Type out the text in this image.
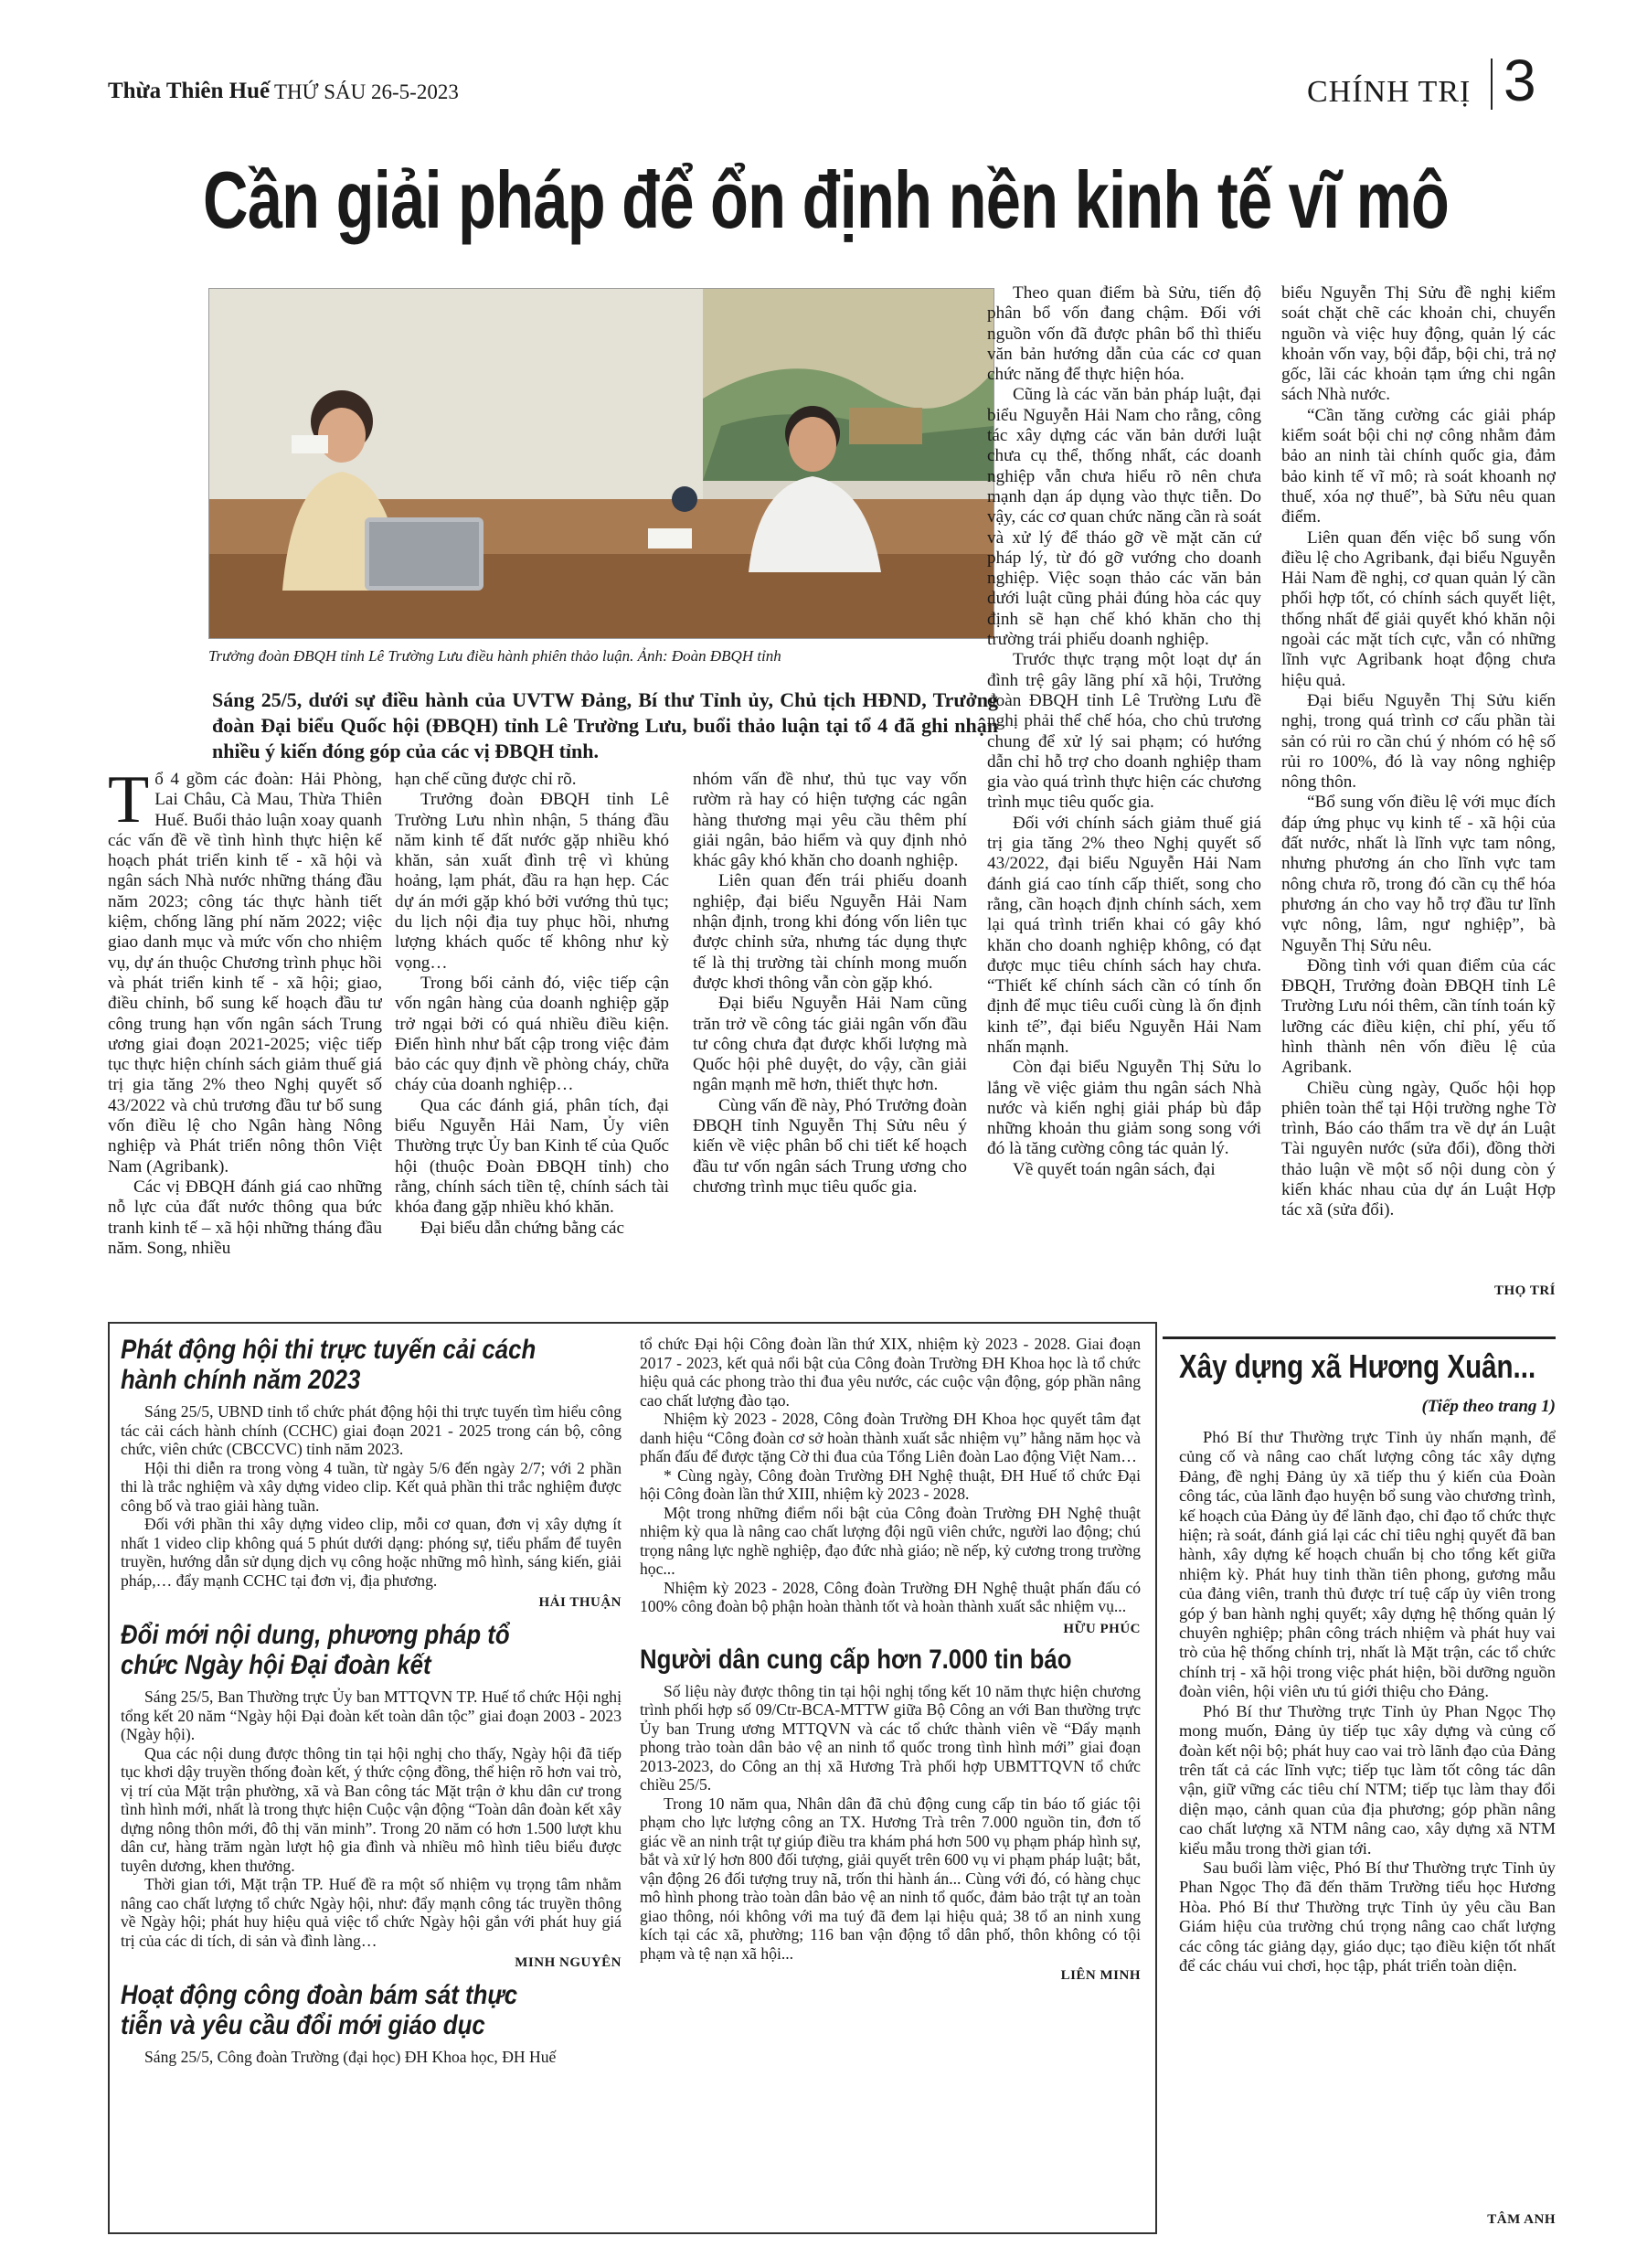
Thừa Thiên Huế THỨ SÁU 26-5-2023	CHÍNH TRỊ 3
Cần giải pháp để ổn định nền kinh tế vĩ mô
Trưởng đoàn ĐBQH tỉnh Lê Trường Lưu điều hành phiên thảo luận. Ảnh: Đoàn ĐBQH tỉnh
Sáng 25/5, dưới sự điều hành của UVTW Đảng, Bí thư Tỉnh ủy, Chủ tịch HĐND, Trưởng đoàn Đại biểu Quốc hội (ĐBQH) tỉnh Lê Trường Lưu, buổi thảo luận tại tổ 4 đã ghi nhận nhiều ý kiến đóng góp của các vị ĐBQH tỉnh.

Tổ 4 gồm các đoàn: Hải Phòng, Lai Châu, Cà Mau, Thừa Thiên Huế. Buổi thảo luận xoay quanh các vấn đề về tình hình thực hiện kế hoạch phát triển kinh tế - xã hội và ngân sách Nhà nước những tháng đầu năm 2023; công tác thực hành tiết kiệm, chống lãng phí năm 2022; việc giao danh mục và mức vốn cho nhiệm vụ, dự án thuộc Chương trình phục hồi và phát triển kinh tế - xã hội; giao, điều chỉnh, bổ sung kế hoạch đầu tư công trung hạn vốn ngân sách Trung ương giai đoạn 2021-2025; việc tiếp tục thực hiện chính sách giảm thuế giá trị gia tăng 2% theo Nghị quyết số 43/2022 và chủ trương đầu tư bổ sung vốn điều lệ cho Ngân hàng Nông nghiệp và Phát triển nông thôn Việt Nam (Agribank).

Các vị ĐBQH đánh giá cao những nỗ lực của đất nước thông qua bức tranh kinh tế – xã hội những tháng đầu năm. Song, nhiều

hạn chế cũng được chỉ rõ.

Trưởng đoàn ĐBQH tỉnh Lê Trường Lưu nhìn nhận, 5 tháng đầu năm kinh tế đất nước gặp nhiều khó khăn, sản xuất đình trệ vì khủng hoảng, lạm phát, đầu ra hạn hẹp. Các dự án mới gặp khó bởi vướng thủ tục; du lịch nội địa tuy phục hồi, nhưng lượng khách quốc tế không như kỳ vọng…

Trong bối cảnh đó, việc tiếp cận vốn ngân hàng của doanh nghiệp gặp trở ngại bởi có quá nhiều điều kiện. Điển hình như bất cập trong việc đảm bảo các quy định về phòng cháy, chữa cháy của doanh nghiệp…

Qua các đánh giá, phân tích, đại biểu Nguyễn Hải Nam, Ủy viên Thường trực Ủy ban Kinh tế của Quốc hội (thuộc Đoàn ĐBQH tỉnh) cho rằng, chính sách tiền tệ, chính sách tài khóa đang gặp nhiều khó khăn.

Đại biểu dẫn chứng bằng các

nhóm vấn đề như, thủ tục vay vốn rườm rà hay có hiện tượng các ngân hàng thương mại yêu cầu thêm phí giải ngân, bảo hiểm và quy định nhỏ khác gây khó khăn cho doanh nghiệp.

Liên quan đến trái phiếu doanh nghiệp, đại biểu Nguyễn Hải Nam nhận định, trong khi đóng vốn liên tục được chỉnh sửa, nhưng tác dụng thực tế là thị trường tài chính mong muốn được khơi thông vẫn còn gặp khó.

Đại biểu Nguyễn Hải Nam cũng trăn trở về công tác giải ngân vốn đầu tư công chưa đạt được khối lượng mà Quốc hội phê duyệt, do vậy, cần giải ngân mạnh mẽ hơn, thiết thực hơn.

Cùng vấn đề này, Phó Trưởng đoàn ĐBQH tỉnh Nguyễn Thị Sửu nêu ý kiến về việc phân bổ chi tiết kế hoạch đầu tư vốn ngân sách Trung ương cho chương trình mục tiêu quốc gia.

Theo quan điểm bà Sửu, tiến độ phân bổ vốn đang chậm. Đối với nguồn vốn đã được phân bổ thì thiếu văn bản hướng dẫn của các cơ quan chức năng để thực hiện hóa.

Cũng là các văn bản pháp luật, đại biểu Nguyễn Hải Nam cho rằng, công tác xây dựng các văn bản dưới luật chưa cụ thể, thống nhất, các doanh nghiệp vẫn chưa hiểu rõ nên chưa mạnh dạn áp dụng vào thực tiễn. Do vậy, các cơ quan chức năng cần rà soát và xử lý để tháo gỡ về mặt căn cứ pháp lý, từ đó gỡ vướng cho doanh nghiệp. Việc soạn thảo các văn bản dưới luật cũng phải đúng hòa các quy định sẽ hạn chế khó khăn cho thị trường trái phiếu doanh nghiệp.

Trước thực trạng một loạt dự án đình trệ gây lãng phí xã hội, Trưởng đoàn ĐBQH tỉnh Lê Trường Lưu đề nghị phải thể chế hóa, cho chủ trương chung để xử lý sai phạm; có hướng dẫn chỉ hỗ trợ cho doanh nghiệp tham gia vào quá trình thực hiện các chương trình mục tiêu quốc gia.

Đối với chính sách giảm thuế giá trị gia tăng 2% theo Nghị quyết số 43/2022, đại biểu Nguyễn Hải Nam đánh giá cao tính cấp thiết, song cho rằng, cần hoạch định chính sách, xem lại quá trình triển khai có gây khó khăn cho doanh nghiệp không, có đạt được mục tiêu chính sách hay chưa. “Thiết kế chính sách cần có tính ổn định để mục tiêu cuối cùng là ổn định kinh tế”, đại biểu Nguyễn Hải Nam nhấn mạnh.

Còn đại biểu Nguyễn Thị Sửu lo lắng về việc giảm thu ngân sách Nhà nước và kiến nghị giải pháp bù đắp những khoản thu giảm song song với đó là tăng cường công tác quản lý.

Về quyết toán ngân sách, đại

biểu Nguyễn Thị Sửu đề nghị kiểm soát chặt chẽ các khoản chi, chuyển nguồn và việc huy động, quản lý các khoản vốn vay, bội đắp, bội chi, trả nợ gốc, lãi các khoản tạm ứng chi ngân sách Nhà nước.

“Cần tăng cường các giải pháp kiểm soát bội chi nợ công nhằm đảm bảo an ninh tài chính quốc gia, đảm bảo kinh tế vĩ mô; rà soát khoanh nợ thuế, xóa nợ thuế”, bà Sửu nêu quan điểm.

Liên quan đến việc bổ sung vốn điều lệ cho Agribank, đại biểu Nguyễn Hải Nam đề nghị, cơ quan quản lý cần phối hợp tốt, có chính sách quyết liệt, thống nhất để giải quyết khó khăn nội ngoài các mặt tích cực, vẫn có những lĩnh vực Agribank hoạt động chưa hiệu quả.

Đại biểu Nguyễn Thị Sửu kiến nghị, trong quá trình cơ cấu phần tài sản có rủi ro cần chú ý nhóm có hệ số rủi ro 100%, đó là vay nông nghiệp nông thôn.

“Bổ sung vốn điều lệ với mục đích đáp ứng phục vụ kinh tế - xã hội của đất nước, nhất là lĩnh vực tam nông, nhưng phương án cho lĩnh vực tam nông chưa rõ, trong đó cần cụ thể hóa phương án cho vay hỗ trợ đầu tư lĩnh vực nông, lâm, ngư nghiệp”, bà Nguyễn Thị Sửu nêu.

Đồng tình với quan điểm của các ĐBQH, Trưởng đoàn ĐBQH tỉnh Lê Trường Lưu nói thêm, cần tính toán kỹ lưỡng các điều kiện, chỉ phí, yếu tố hình thành nên vốn điều lệ của Agribank.

Chiều cùng ngày, Quốc hội họp phiên toàn thể tại Hội trường nghe Tờ trình, Báo cáo thẩm tra về dự án Luật Tài nguyên nước (sửa đổi), đồng thời thảo luận về một số nội dung còn ý kiến khác nhau của dự án Luật Hợp tác xã (sửa đổi).

THỌ TRÍ
Phát động hội thi trực tuyến cải cách hành chính năm 2023

Sáng 25/5, UBND tỉnh tổ chức phát động hội thi trực tuyến tìm hiểu công tác cải cách hành chính (CCHC) giai đoạn 2021 - 2025 trong cán bộ, công chức, viên chức (CBCCVC) tỉnh năm 2023.

Hội thi diễn ra trong vòng 4 tuần, từ ngày 5/6 đến ngày 2/7; với 2 phần thi là trắc nghiệm và xây dựng video clip. Kết quả phần thi trắc nghiệm được công bố và trao giải hàng tuần.

Đối với phần thi xây dựng video clip, mỗi cơ quan, đơn vị xây dựng ít nhất 1 video clip không quá 5 phút dưới dạng: phóng sự, tiểu phẩm để tuyên truyền, hướng dẫn sử dụng dịch vụ công hoặc những mô hình, sáng kiến, giải pháp,… đẩy mạnh CCHC tại đơn vị, địa phương.

HẢI THUẬN
Đổi mới nội dung, phương pháp tổ chức Ngày hội Đại đoàn kết

Sáng 25/5, Ban Thường trực Ủy ban MTTQVN TP. Huế tổ chức Hội nghị tổng kết 20 năm “Ngày hội Đại đoàn kết toàn dân tộc” giai đoạn 2003 - 2023 (Ngày hội).

Qua các nội dung được thông tin tại hội nghị cho thấy, Ngày hội đã tiếp tục khơi dậy truyền thống đoàn kết, ý thức cộng đồng, thể hiện rõ hơn vai trò, vị trí của Mặt trận phường, xã và Ban công tác Mặt trận ở khu dân cư trong tình hình mới, nhất là trong thực hiện Cuộc vận động “Toàn dân đoàn kết xây dựng nông thôn mới, đô thị văn minh”. Trong 20 năm có hơn 1.500 lượt khu dân cư, hàng trăm ngàn lượt hộ gia đình và nhiều mô hình tiêu biểu được tuyên dương, khen thưởng.

Thời gian tới, Mặt trận TP. Huế đề ra một số nhiệm vụ trọng tâm nhằm nâng cao chất lượng tổ chức Ngày hội, như: đẩy mạnh công tác truyền thông về Ngày hội; phát huy hiệu quả việc tổ chức Ngày hội gắn với phát huy giá trị của các di tích, di sản và đình làng…

MINH NGUYÊN
Hoạt động công đoàn bám sát thực tiễn và yêu cầu đổi mới giáo dục

Sáng 25/5, Công đoàn Trường (đại học) ĐH Khoa học, ĐH Huế

tổ chức Đại hội Công đoàn lần thứ XIX, nhiệm kỳ 2023 - 2028. Giai đoạn 2017 - 2023, kết quả nổi bật của Công đoàn Trường ĐH Khoa học là tổ chức hiệu quả các phong trào thi đua yêu nước, các cuộc vận động, góp phần nâng cao chất lượng đào tạo.

Nhiệm kỳ 2023 - 2028, Công đoàn Trường ĐH Khoa học quyết tâm đạt danh hiệu “Công đoàn cơ sở hoàn thành xuất sắc nhiệm vụ” hằng năm học và phấn đấu để được tặng Cờ thi đua của Tổng Liên đoàn Lao động Việt Nam…

* Cùng ngày, Công đoàn Trường ĐH Nghệ thuật, ĐH Huế tổ chức Đại hội Công đoàn lần thứ XIII, nhiệm kỳ 2023 - 2028.

Một trong những điểm nổi bật của Công đoàn Trường ĐH Nghệ thuật nhiệm kỳ qua là nâng cao chất lượng đội ngũ viên chức, người lao động; chú trọng nâng lực nghề nghiệp, đạo đức nhà giáo; nề nếp, kỷ cương trong trường học...

Nhiệm kỳ 2023 - 2028, Công đoàn Trường ĐH Nghệ thuật phấn đấu có 100% công đoàn bộ phận hoàn thành tốt và hoàn thành xuất sắc nhiệm vụ...

HỮU PHÚC
Người dân cung cấp hơn 7.000 tin báo

Số liệu này được thông tin tại hội nghị tổng kết 10 năm thực hiện chương trình phối hợp số 09/Ctr-BCA-MTTW giữa Bộ Công an với Ban thường trực Ủy ban Trung ương MTTQVN và các tổ chức thành viên về “Đẩy mạnh phong trào toàn dân bảo vệ an ninh tổ quốc trong tình hình mới” giai đoạn 2013-2023, do Công an thị xã Hương Trà phối hợp UBMTTQVN tổ chức chiều 25/5.

Trong 10 năm qua, Nhân dân đã chủ động cung cấp tin báo tố giác tội phạm cho lực lượng công an TX. Hương Trà trên 7.000 nguồn tin, đơn tố giác về an ninh trật tự giúp điều tra khám phá hơn 500 vụ phạm pháp hình sự, bắt và xử lý hơn 800 đối tượng, giải quyết trên 600 vụ vi phạm pháp luật; bắt, vận động 26 đối tượng truy nã, trốn thi hành án... Cùng với đó, có hàng chục mô hình phong trào toàn dân bảo vệ an ninh tổ quốc, đảm bảo trật tự an toàn giao thông, nói không với ma tuý đã đem lại hiệu quả; 38 tổ an ninh xung kích tại các xã, phường; 116 ban vận động tổ dân phố, thôn không có tội phạm và tệ nạn xã hội...

LIÊN MINH
Xây dựng xã Hương Xuân...
(Tiếp theo trang 1)

Phó Bí thư Thường trực Tỉnh ủy nhấn mạnh, để củng cố và nâng cao chất lượng công tác xây dựng Đảng, đề nghị Đảng ủy xã tiếp thu ý kiến của Đoàn công tác, của lãnh đạo huyện bổ sung vào chương trình, kế hoạch của Đảng ủy để lãnh đạo, chỉ đạo tổ chức thực hiện; rà soát, đánh giá lại các chỉ tiêu nghị quyết đã ban hành, xây dựng kế hoạch chuẩn bị cho tổng kết giữa nhiệm kỳ. Phát huy tinh thần tiên phong, gương mẫu của đảng viên, tranh thủ được trí tuệ cấp ủy viên trong góp ý ban hành nghị quyết; xây dựng hệ thống quản lý chuyên nghiệp; phân công trách nhiệm và phát huy vai trò của hệ thống chính trị, nhất là Mặt trận, các tổ chức chính trị - xã hội trong việc phát hiện, bồi dưỡng nguồn đoàn viên, hội viên ưu tú giới thiệu cho Đảng.

Phó Bí thư Thường trực Tỉnh ủy Phan Ngọc Thọ mong muốn, Đảng ủy tiếp tục xây dựng và củng cố đoàn kết nội bộ; phát huy cao vai trò lãnh đạo của Đảng trên tất cả các lĩnh vực; tiếp tục làm tốt công tác dân vận, giữ vững các tiêu chí NTM; tiếp tục làm thay đổi diện mạo, cảnh quan của địa phương; góp phần nâng cao chất lượng xã NTM nâng cao, xây dựng xã NTM kiểu mẫu trong thời gian tới.

Sau buổi làm việc, Phó Bí thư Thường trực Tỉnh ủy Phan Ngọc Thọ đã đến thăm Trường tiểu học Hương Hòa. Phó Bí thư Thường trực Tỉnh ủy yêu cầu Ban Giám hiệu của trường chú trọng nâng cao chất lượng các công tác giảng dạy, giáo dục; tạo điều kiện tốt nhất để các cháu vui chơi, học tập, phát triển toàn diện.

TÂM ANH
